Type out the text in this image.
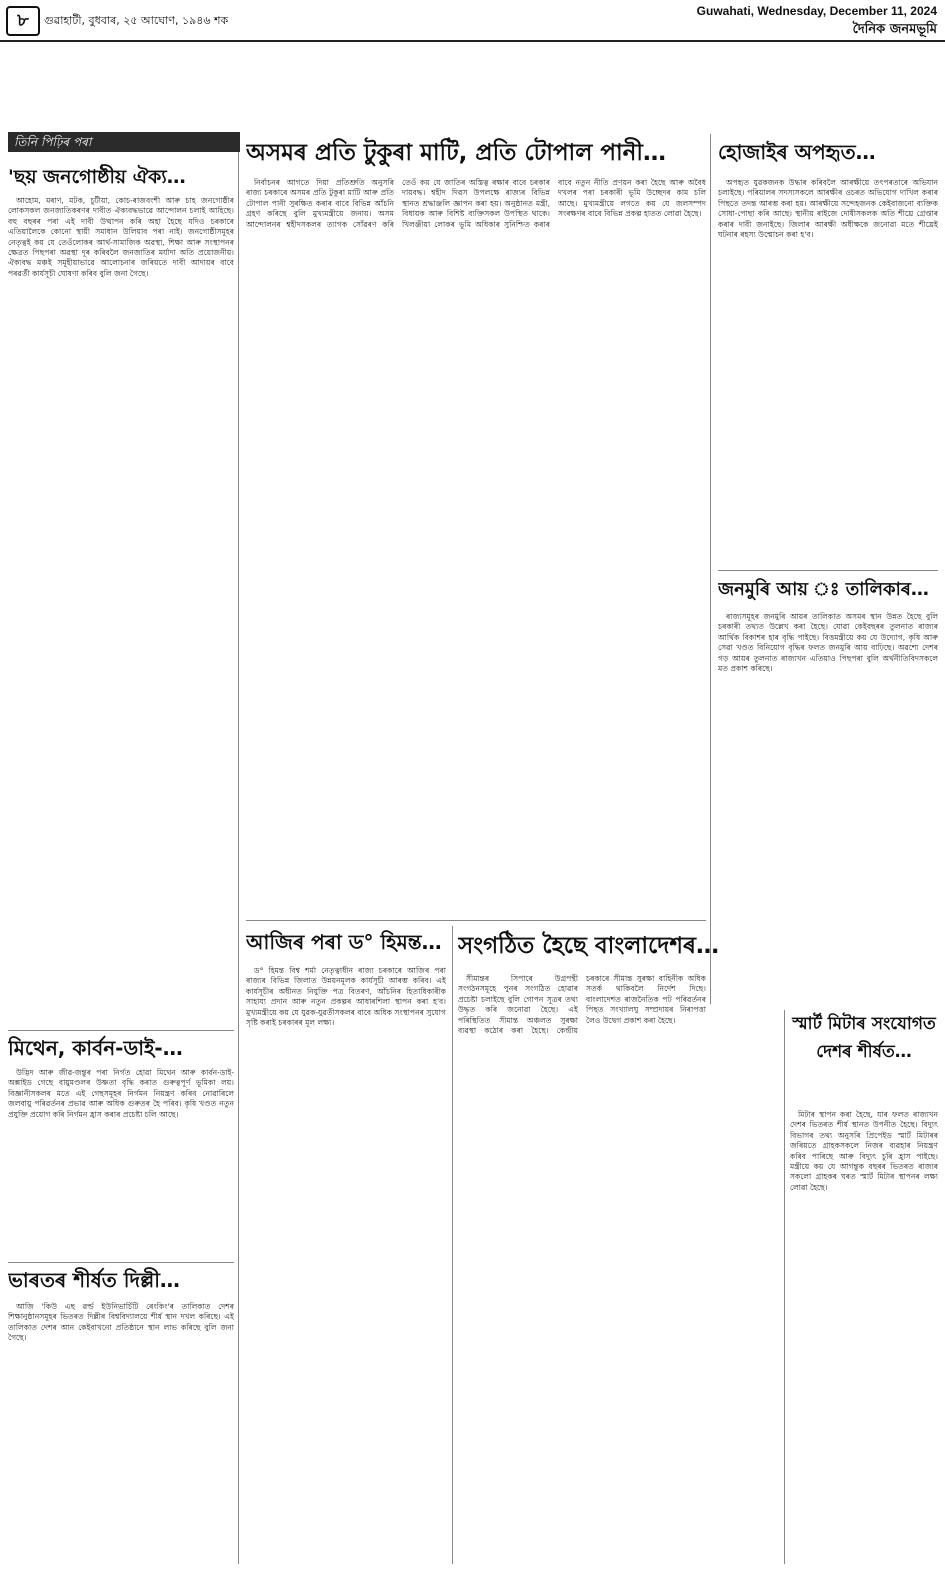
৮	গুৱাহাটী, বুধবাৰ, ২৫ আঘোণ, ১৯৪৬ শক
Guwahati, Wednesday, December 11, 2024
দৈনিক জনমভূমি
তিনি পিঢ়িৰ পৰা
'ছয় জনগোষ্ঠীয় ঐক্য…

আহোম, মৰাণ, মটক, চুটীয়া, কোচ-ৰাজবংশী আৰু চাহ জনগোষ্ঠীৰ লোকসকল জনজাতিকৰণৰ দাবীত ঐক্যবদ্ধভাৱে আন্দোলন চলাই আহিছে। বহু বছৰৰ পৰা এই দাবী উত্থাপন কৰি অহা হৈছে যদিও চৰকাৰে এতিয়ালৈকে কোনো স্থায়ী সমাধান উলিয়াব পৰা নাই। জনগোষ্ঠীসমূহৰ নেতৃত্বই কয় যে তেওঁলোকৰ আৰ্থ-সামাজিক অৱস্থা, শিক্ষা আৰু সংস্থাপনৰ ক্ষেত্ৰত পিছপৰা অৱস্থা দূৰ কৰিবলৈ জনজাতিৰ মৰ্যাদা অতি প্ৰয়োজনীয়। ঐক্যবদ্ধ মঞ্চই সমূহীয়াভাৱে আলোচনাৰ জৰিয়তে দাবী আদায়ৰ বাবে পৰৱৰ্তী কাৰ্যসূচী ঘোষণা কৰিব বুলি জনা গৈছে।

মিথেন, কাৰ্বন-ডাই-…

উদ্ভিদ আৰু জীৱ-জন্তুৰ পৰা নিৰ্গত হোৱা মিথেন আৰু কাৰ্বন-ডাই-অক্সাইড গেছে বায়ুমণ্ডলৰ উষ্ণতা বৃদ্ধি কৰাত গুৰুত্বপূৰ্ণ ভূমিকা লয়। বিজ্ঞানীসকলৰ মতে এই গেছসমূহৰ নিৰ্গমন নিয়ন্ত্ৰণ কৰিব নোৱাৰিলে জলবায়ু পৰিৱৰ্তনৰ প্ৰভাৱ আৰু অধিক গুৰুতৰ হৈ পৰিব। কৃষি খণ্ডত নতুন প্ৰযুক্তি প্ৰয়োগ কৰি নিৰ্গমন হ্ৰাস কৰাৰ প্ৰচেষ্টা চলি আছে।

ভাৰতৰ শীৰ্ষত দিল্লী…

আজি 'কিউ এছ ৱৰ্ল্ড ইউনিভাৰ্চিটি ৰেংকিং'ৰ তালিকাত দেশৰ শিক্ষানুষ্ঠানসমূহৰ ভিতৰত দিল্লীৰ বিশ্ববিদ্যালয়ে শীৰ্ষ স্থান দখল কৰিছে। এই তালিকাত দেশৰ আন কেইবাখনো প্ৰতিষ্ঠানে স্থান লাভ কৰিছে বুলি জনা গৈছে।

অসমৰ প্ৰতি টুকুৰা মাটি, প্ৰতি টোপাল পানী…

নিৰ্বাচনৰ আগতে দিয়া প্ৰতিশ্ৰুতি অনুসৰি ৰাজ্য চৰকাৰে অসমৰ প্ৰতি টুকুৰা মাটি আৰু প্ৰতি টোপাল পানী সুৰক্ষিত কৰাৰ বাবে বিভিন্ন আঁচনি গ্ৰহণ কৰিছে বুলি মুখ্যমন্ত্ৰীয়ে জনায়। অসম আন্দোলনৰ শ্বহীদসকলৰ ত্যাগক সোঁৱৰণ কৰি তেওঁ কয় যে জাতিৰ অস্তিত্ব ৰক্ষাৰ বাবে চৰকাৰ দায়বদ্ধ। শ্বহীদ দিৱস উপলক্ষে ৰাজ্যৰ বিভিন্ন স্থানত শ্ৰদ্ধাঞ্জলি জ্ঞাপন কৰা হয়। অনুষ্ঠানত মন্ত্ৰী, বিধায়ক আৰু বিশিষ্ট ব্যক্তিসকল উপস্থিত থাকে। খিলঞ্জীয়া লোকৰ ভূমি অধিকাৰ সুনিশ্চিত কৰাৰ বাবে নতুন নীতি প্ৰণয়ন কৰা হৈছে আৰু অবৈধ দখলৰ পৰা চৰকাৰী ভূমি উচ্ছেদৰ কাম চলি আছে। মুখ্যমন্ত্ৰীয়ে লগতে কয় যে জলসম্পদ সংৰক্ষণৰ বাবে বিভিন্ন প্ৰকল্প হাতত লোৱা হৈছে।

আজিৰ পৰা ড° হিমন্ত…

ড° হিমন্ত বিশ্ব শৰ্মা নেতৃত্বাধীন ৰাজ্য চৰকাৰে আজিৰ পৰা ৰাজ্যৰ বিভিন্ন জিলাত উন্নয়নমূলক কাৰ্যসূচী আৰম্ভ কৰিব। এই কাৰ্যসূচীৰ অধীনত নিযুক্তি পত্ৰ বিতৰণ, আঁচনিৰ হিতাধিকাৰীক সাহায্য প্ৰদান আৰু নতুন প্ৰকল্পৰ আধাৰশিলা স্থাপন কৰা হ'ব। মুখ্যমন্ত্ৰীয়ে কয় যে যুৱক-যুৱতীসকলৰ বাবে অধিক সংস্থাপনৰ সুযোগ সৃষ্টি কৰাই চৰকাৰৰ মূল লক্ষ্য।

সংগঠিত হৈছে বাংলাদেশৰ…

সীমান্তৰ সিপাৰে উগ্ৰপন্থী সংগঠনসমূহে পুনৰ সংগঠিত হোৱাৰ প্ৰচেষ্টা চলাইছে বুলি গোপন সূত্ৰৰ তথ্য উদ্ধৃত কৰি জনোৱা হৈছে। এই পৰিস্থিতিত সীমান্ত অঞ্চলত সুৰক্ষা ব্যৱস্থা কঠোৰ কৰা হৈছে। কেন্দ্ৰীয় চৰকাৰে সীমান্ত সুৰক্ষা বাহিনীক অধিক সতৰ্ক থাকিবলৈ নিৰ্দেশ দিছে। বাংলাদেশত ৰাজনৈতিক পট পৰিৱৰ্তনৰ পিছত সংখ্যালঘু সম্প্ৰদায়ৰ নিৰাপত্তা লৈও উদ্বেগ প্ৰকাশ কৰা হৈছে।

হোজাইৰ অপহৃত…

অপহৃত যুৱকজনক উদ্ধাৰ কৰিবলৈ আৰক্ষীয়ে তৎপৰতাৰে অভিযান চলাইছে। পৰিয়ালৰ সদস্যসকলে আৰক্ষীৰ ওচৰত অভিযোগ দাখিল কৰাৰ পিছতে তদন্ত আৰম্ভ কৰা হয়। আৰক্ষীয়ে সন্দেহজনক কেইবাজনো ব্যক্তিক সোধা-পোছা কৰি আছে। স্থানীয় ৰাইজে দোষীসকলক অতি শীঘ্ৰে গ্ৰেপ্তাৰ কৰাৰ দাবী জনাইছে। জিলাৰ আৰক্ষী অধীক্ষকে জনোৱা মতে শীঘ্ৰেই ঘটনাৰ ৰহস্য উন্মোচন কৰা হ'ব।

জনমুৰি আয় ঃ তালিকাৰ…

ৰাজ্যসমূহৰ জনমুৰি আয়ৰ তালিকাত অসমৰ স্থান উন্নত হৈছে বুলি চৰকাৰী তথ্যত উল্লেখ কৰা হৈছে। যোৱা কেইবছৰৰ তুলনাত ৰাজ্যৰ আৰ্থিক বিকাশৰ হাৰ বৃদ্ধি পাইছে। বিত্তমন্ত্ৰীয়ে কয় যে উদ্যোগ, কৃষি আৰু সেৱা খণ্ডত বিনিয়োগ বৃদ্ধিৰ ফলত জনমুৰি আয় বাঢ়িছে। অৱশ্যে দেশৰ গড় আয়ৰ তুলনাত ৰাজ্যখন এতিয়াও পিছপৰা বুলি অৰ্থনীতিবিদসকলে মত প্ৰকাশ কৰিছে।

স্মাৰ্ট মিটাৰ সংযোগত দেশৰ শীৰ্ষত…

মিটাৰ স্থাপন কৰা হৈছে, যাৰ ফলত ৰাজ্যখন দেশৰ ভিতৰত শীৰ্ষ স্থানত উপনীত হৈছে। বিদ্যুৎ বিভাগৰ তথ্য অনুসৰি প্ৰিপেইড স্মাৰ্ট মিটাৰৰ জৰিয়তে গ্ৰাহকসকলে নিজৰ ব্যৱহাৰ নিয়ন্ত্ৰণ কৰিব পাৰিছে আৰু বিদ্যুৎ চুৰি হ্ৰাস পাইছে। মন্ত্ৰীয়ে কয় যে আগন্তুক বছৰৰ ভিতৰত ৰাজ্যৰ সকলো গ্ৰাহকৰ ঘৰত স্মাৰ্ট মিটাৰ স্থাপনৰ লক্ষ্য লোৱা হৈছে।
